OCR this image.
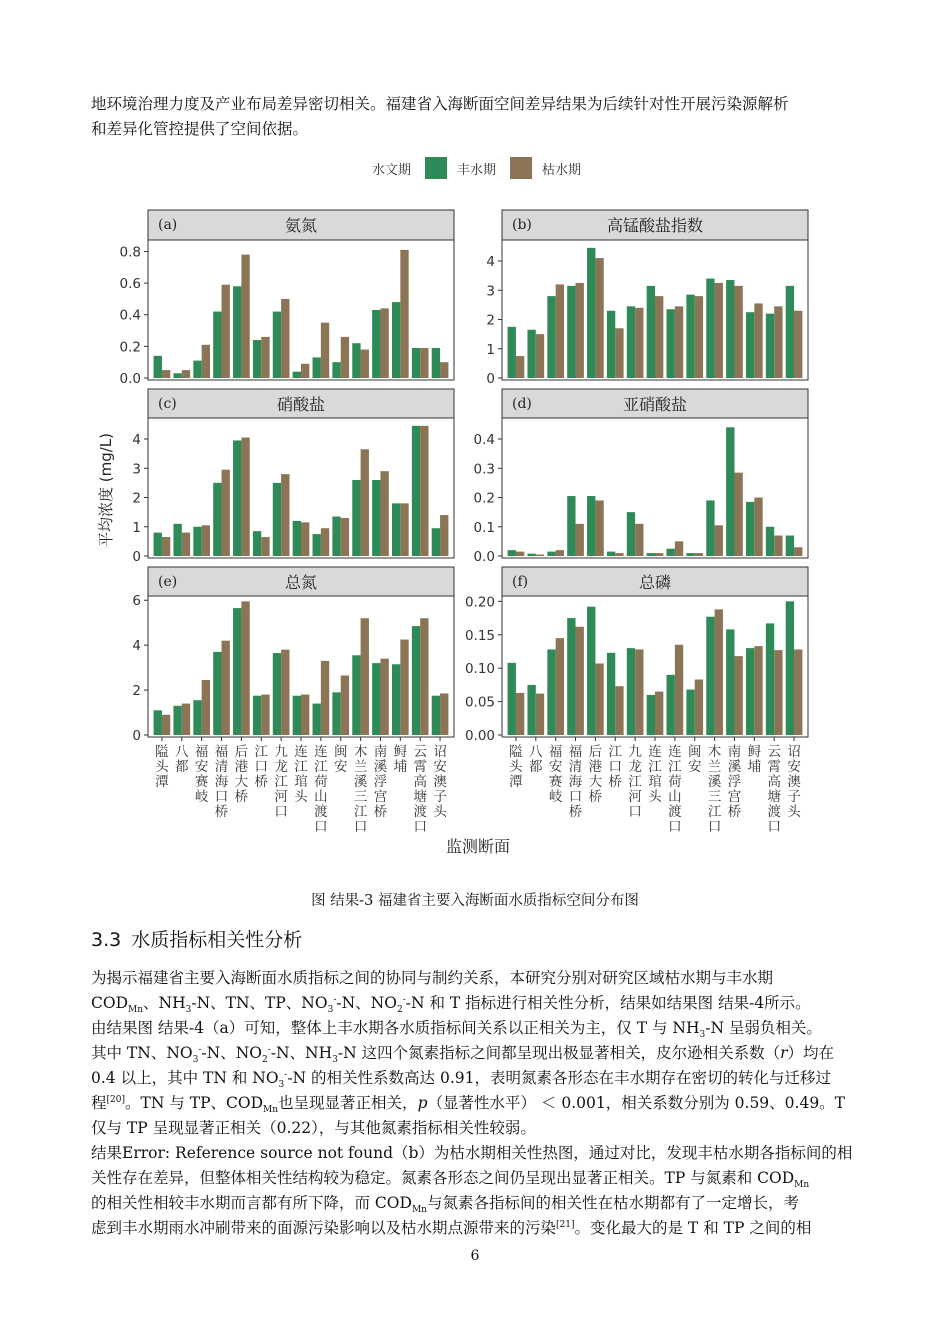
地环境治理力度及产业布局差异密切相关。福建省入海断面空间差异结果为后续针对性开展污染源解析

和差异化管控提供了空间依据。

水文期	丰水期	枯水期
平均浓度 (mg/L)
监测断面
(a)	氨氮
0.0
0.2
0.4
0.6
0.8
(b)	高锰酸盐指数
0
1
2
3
4
(c)	硝酸盐
0
1
2
3
4
(d)	亚硝酸盐
0.0
0.1
0.2
0.3
0.4
(e)	总氮
0
2
4
6
隘
头
潭
八
都
福
安
赛
岐
福
清
海
口
桥
后
港
大
桥
江
口
桥
九
龙
江
河
口
连
江
琯
头
连
江
荷
山
渡
口
闽
安
木
兰
溪
三
江
口
南
溪
浮
宫
桥
鲟
埔
云
霄
高
塘
渡
口
诏
安
澳
子
头
(f)	总磷
0.00
0.05
0.10
0.15
0.20
隘
头
潭
八
都
福
安
赛
岐
福
清
海
口
桥
后
港
大
桥
江
口
桥
九
龙
江
河
口
连
江
琯
头
连
江
荷
山
渡
口
闽
安
木
兰
溪
三
江
口
南
溪
浮
宫
桥
鲟
埔
云
霄
高
塘
渡
口
诏
安
澳
子
头
图 结果-3 福建省主要入海断面水质指标空间分布图
3.3 水质指标相关性分析

为揭示福建省主要入海断面水质指标之间的协同与制约关系，本研究分别对研究区域枯水期与丰水期

$COD_{Mn}$、$NH_3-N$、TN、TP、$NO_3^--N$、$NO_2^--N$ 和 T 指标进行相关性分析，结果如结果图 结果-4所示。

由结果图 结果-4（a）可知，整体上丰水期各水质指标间关系以正相关为主，仅 T 与 $NH_3-N$ 呈弱负相关。

其中 TN、$NO_3^--N$、$NO_2^--N$、$NH_3-N$ 这四个氮素指标之间都呈现出极显著相关，皮尔逊相关系数（r）均在

0.4 以上，其中 TN 和 $NO_3^--N$ 的相关性系数高达 0.91，表明氮素各形态在丰水期存在密切的转化与迁移过

程[20]。TN 与 TP、$COD_{Mn}$也呈现显著正相关，p（显著性水平） ＜ 0.001，相关系数分别为 0.59、0.49。T

仅与 TP 呈现显著正相关（0.22），与其他氮素指标相关性较弱。

结果Error: Reference source not found（b）为枯水期相关性热图，通过对比，发现丰枯水期各指标间的相

关性存在差异，但整体相关性结构较为稳定。氮素各形态之间仍呈现出显著正相关。TP 与氮素和 $COD_{Mn}$

的相关性相较丰水期而言都有所下降，而 $COD_{Mn}$与氮素各指标间的相关性在枯水期都有了一定增长，考

虑到丰水期雨水冲刷带来的面源污染影响以及枯水期点源带来的污染[21]。变化最大的是 T 和 TP 之间的相

6
